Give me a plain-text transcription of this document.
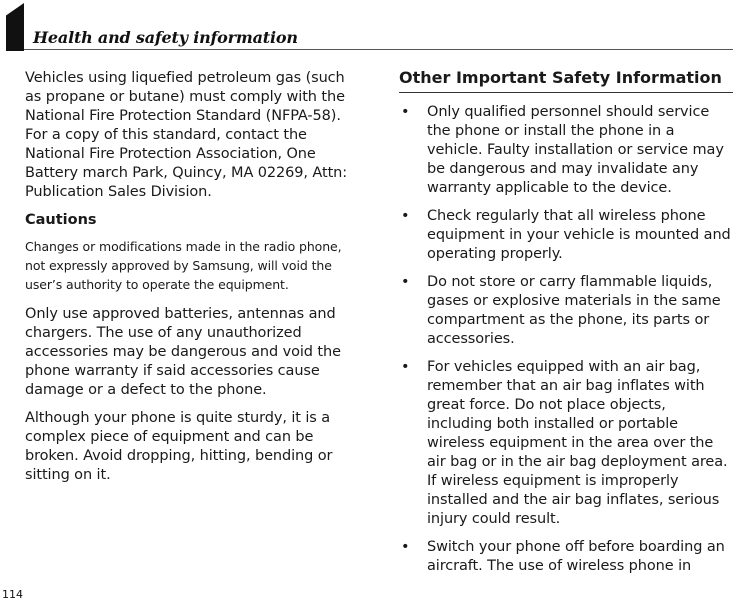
Health and safety information

Vehicles using liquefied petroleum gas (such as propane or butane) must comply with the National Fire Protection Standard (NFPA-58). For a copy of this standard, contact the National Fire Protection Association, One Battery march Park, Quincy, MA 02269, Attn: Publication Sales Division.

Cautions

Changes or modifications made in the radio phone, not expressly approved by Samsung, will void the user’s authority to operate the equipment.

Only use approved batteries, antennas and chargers. The use of any unauthorized accessories may be dangerous and void the phone warranty if said accessories cause damage or a defect to the phone.

Although your phone is quite sturdy, it is a complex piece of equipment and can be broken. Avoid dropping, hitting, bending or sitting on it.

Other Important Safety Information
• Only qualified personnel should service the phone or install the phone in a vehicle. Faulty installation or service may be dangerous and may invalidate any warranty applicable to the device.
• Check regularly that all wireless phone equipment in your vehicle is mounted and operating properly.
• Do not store or carry flammable liquids, gases or explosive materials in the same compartment as the phone, its parts or accessories.
• For vehicles equipped with an air bag, remember that an air bag inflates with great force. Do not place objects, including both installed or portable wireless equipment in the area over the air bag or in the air bag deployment area. If wireless equipment is improperly installed and the air bag inflates, serious injury could result.
• Switch your phone off before boarding an aircraft. The use of wireless phone in
114
